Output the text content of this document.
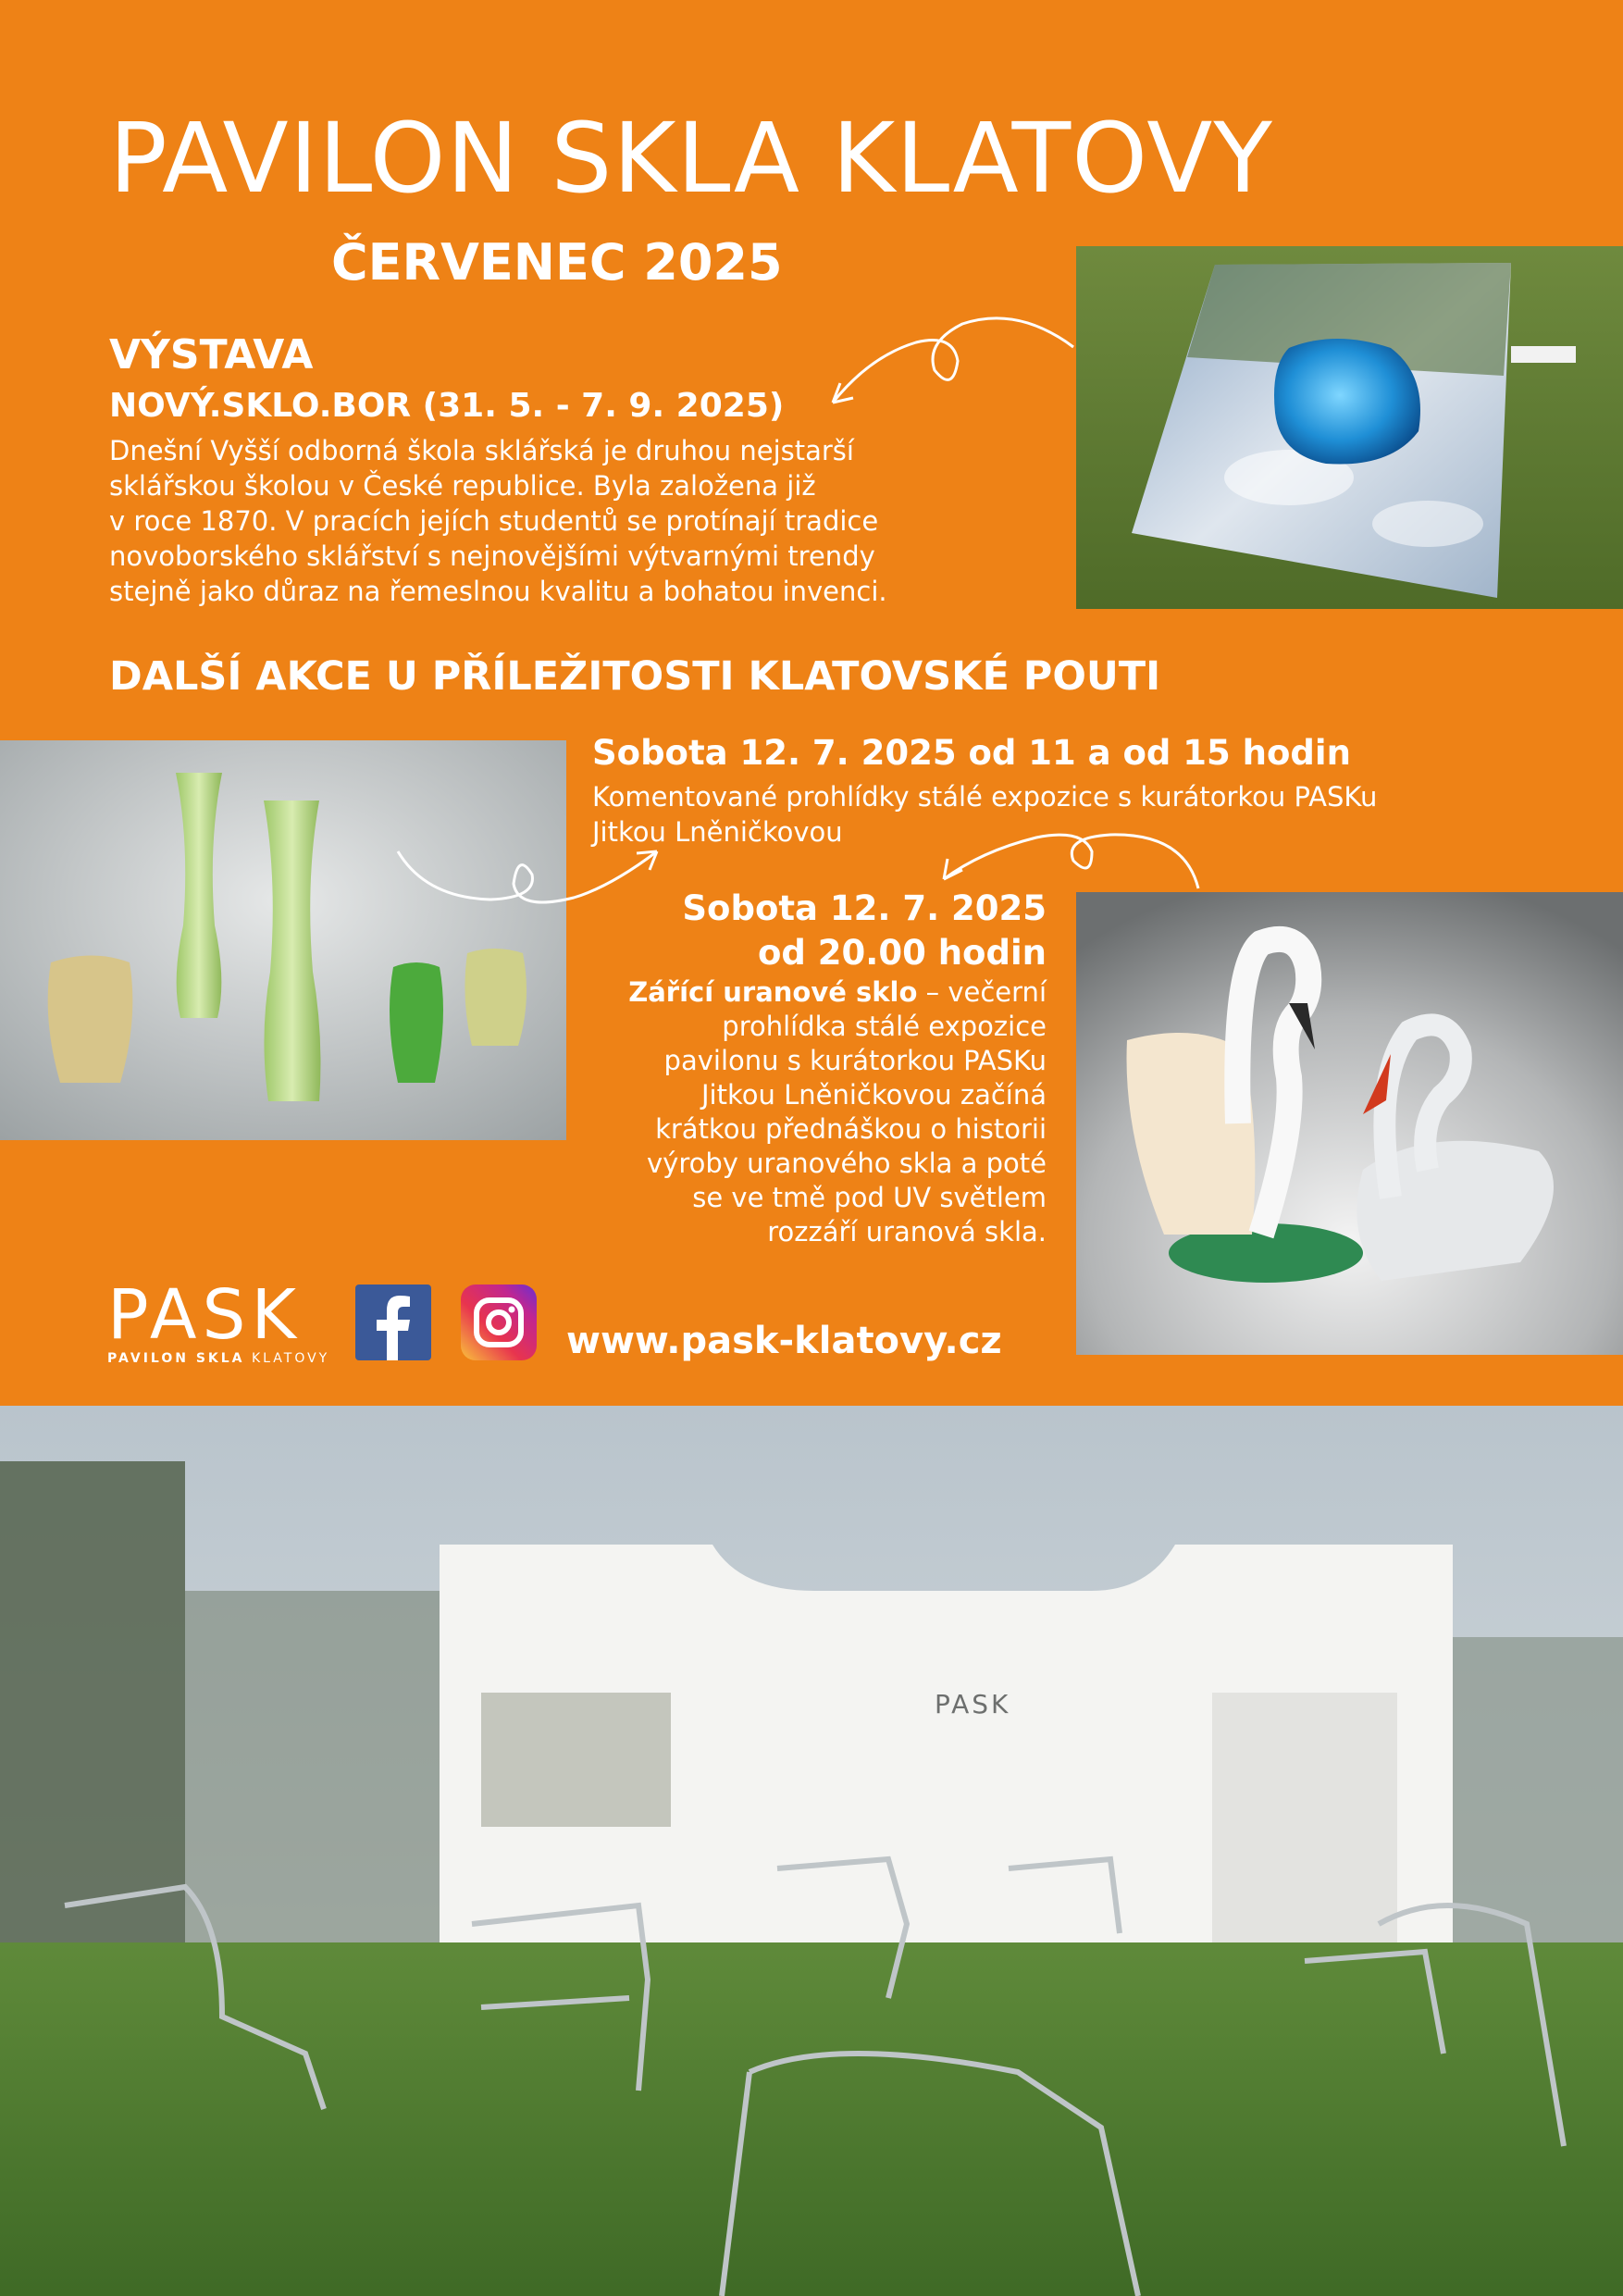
PAVILON SKLA KLATOVY
ČERVENEC 2025
VÝSTAVA
NOVÝ.SKLO.BOR (31. 5. - 7. 9. 2025)
Dnešní Vyšší odborná škola sklářská je druhou nejstarší
sklářskou školou v České republice. Byla založena již
v roce 1870. V pracích jejích studentů se protínají tradice
novoborského sklářství s nejnovějšími výtvarnými trendy
stejně jako důraz na řemeslnou kvalitu a bohatou invenci.
DALŠÍ AKCE U PŘÍLEŽITOSTI KLATOVSKÉ POUTI
Sobota 12. 7. 2025 od 11 a od 15 hodin
Komentované prohlídky stálé expozice s kurátorkou PASKu
Jitkou Lněničkovou
Sobota 12. 7. 2025
od 20.00 hodin
Zářící uranové sklo – večerní
prohlídka stálé expozice
pavilonu s kurátorkou PASKu
Jitkou Lněničkovou začíná
krátkou přednáškou o historii
výroby uranového skla a poté
se ve tmě pod UV světlem
rozzáří uranová skla.
PASK
PAVILON SKLA KLATOVY	www.pask-klatovy.cz
PASK
